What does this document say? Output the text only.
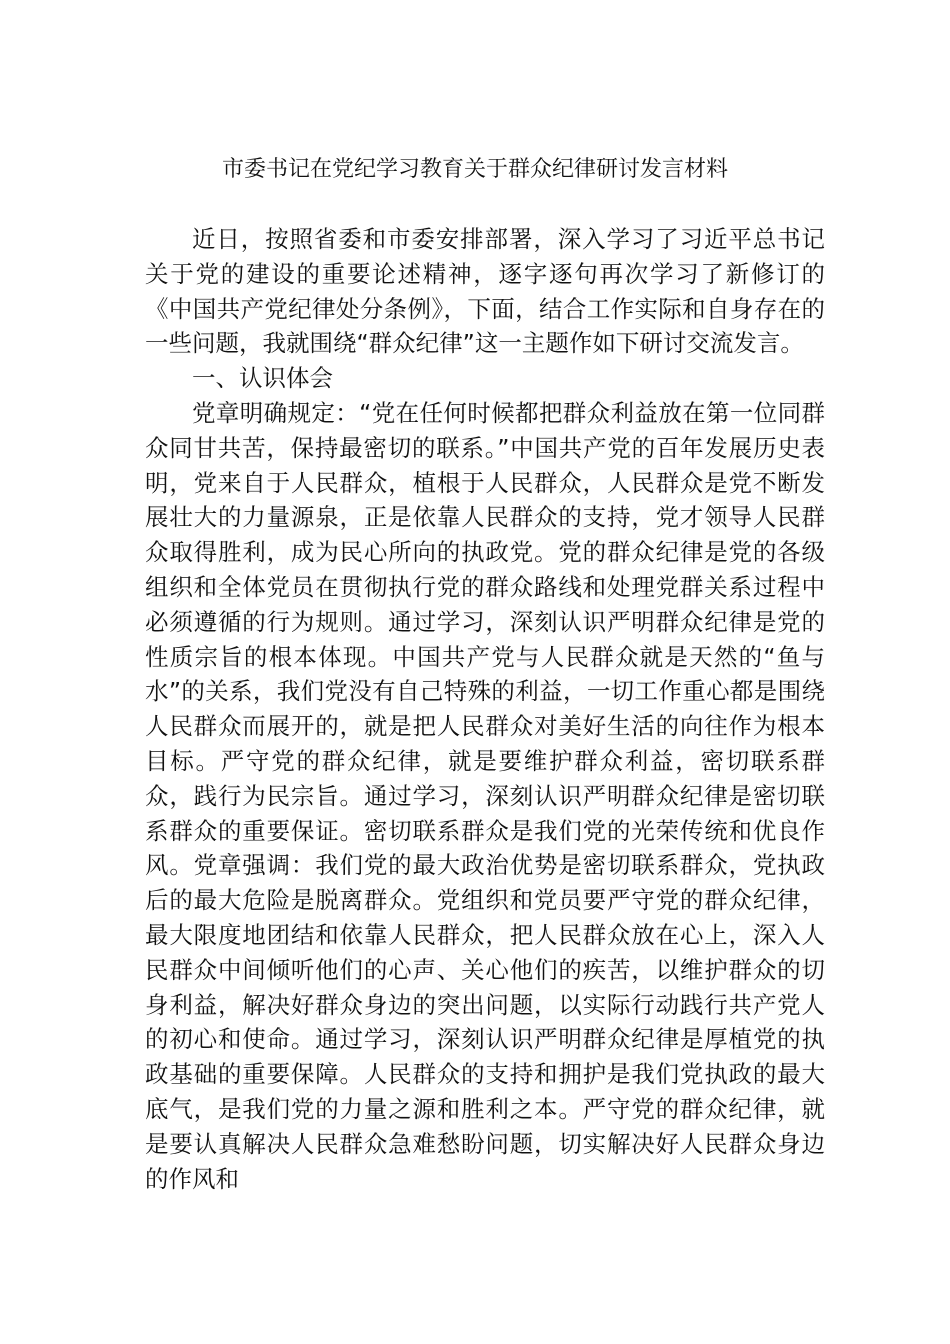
市委书记在党纪学习教育关于群众纪律研讨发言材料

近日，按照省委和市委安排部署，深入学习了习近平总书记关于党的建设的重要论述精神，逐字逐句再次学习了新修订的《中国共产党纪律处分条例》，下面，结合工作实际和自身存在的一些问题，我就围绕“群众纪律”这一主题作如下研讨交流发言。

一、认识体会

党章明确规定：“党在任何时候都把群众利益放在第一位同群众同甘共苦，保持最密切的联系。”中国共产党的百年发展历史表明，党来自于人民群众，植根于人民群众，人民群众是党不断发展壮大的力量源泉，正是依靠人民群众的支持，党才领导人民群众取得胜利，成为民心所向的执政党。党的群众纪律是党的各级组织和全体党员在贯彻执行党的群众路线和处理党群关系过程中必须遵循的行为规则。通过学习，深刻认识严明群众纪律是党的性质宗旨的根本体现。中国共产党与人民群众就是天然的“鱼与水”的关系，我们党没有自己特殊的利益，一切工作重心都是围绕人民群众而展开的，就是把人民群众对美好生活的向往作为根本目标。严守党的群众纪律，就是要维护群众利益，密切联系群众，践行为民宗旨。通过学习，深刻认识严明群众纪律是密切联系群众的重要保证。密切联系群众是我们党的光荣传统和优良作风。党章强调：我们党的最大政治优势是密切联系群众，党执政后的最大危险是脱离群众。党组织和党员要严守党的群众纪律，最大限度地团结和依靠人民群众，把人民群众放在心上，深入人民群众中间倾听他们的心声、关心他们的疾苦，以维护群众的切身利益，解决好群众身边的突出问题，以实际行动践行共产党人的初心和使命。通过学习，深刻认识严明群众纪律是厚植党的执政基础的重要保障。人民群众的支持和拥护是我们党执政的最大底气，是我们党的力量之源和胜利之本。严守党的群众纪律，就是要认真解决人民群众急难愁盼问题，切实解决好人民群众身边的作风和
